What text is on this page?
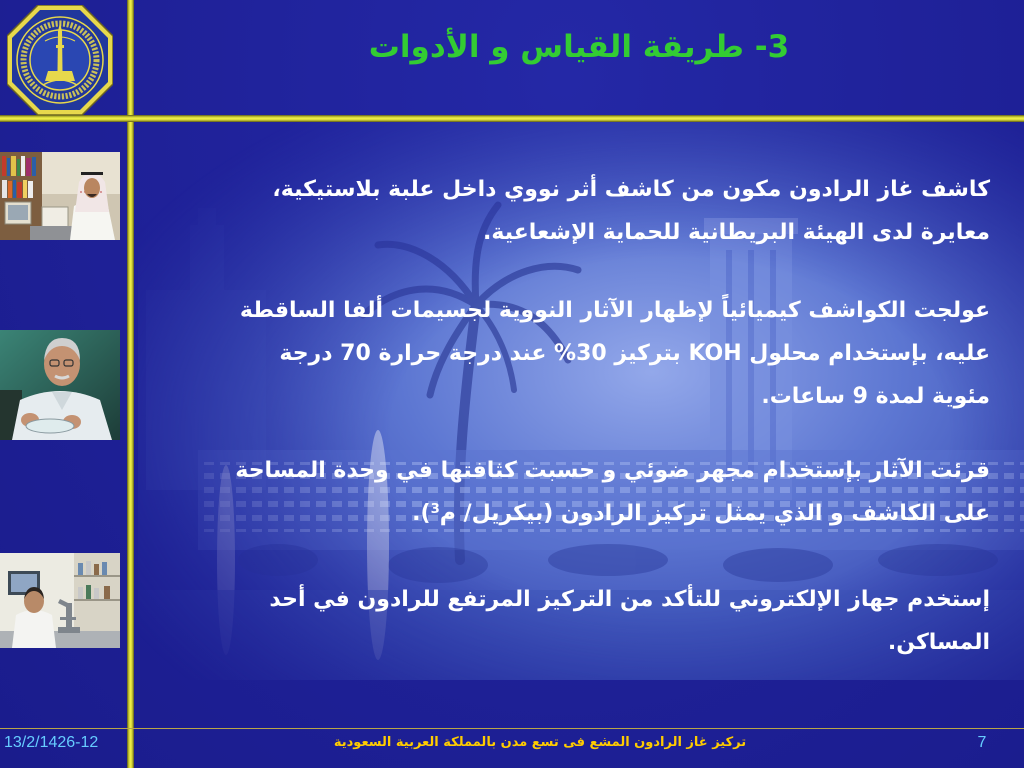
3- طريقة القياس و الأدوات
كاشف غاز الرادون مكون من كاشف أثر نووي داخل علبة بلاستيكية،
معايرة لدى الهيئة البريطانية للحماية الإشعاعية.
عولجت الكواشف كيميائياً لإظهار الآثار النووية لجسيمات ألفا الساقطة
عليه، بإستخدام محلول KOH بتركيز 30% عند درجة حرارة 70 درجة
مئوية لمدة 9 ساعات.
قرئت الآثار بإستخدام مجهر ضوئي و حسبت كثافتها في وحدة المساحة
على الكاشف و الذي يمثل تركيز الرادون (بيكريل/ م$^3$).
إستخدم جهاز الإلكتروني للتأكد من التركيز المرتفع للرادون في أحد
المساكن.
13/2/1426-12	تركيز غاز الرادون المشع فى تسع مدن بالمملكة العربية السعودية	7
